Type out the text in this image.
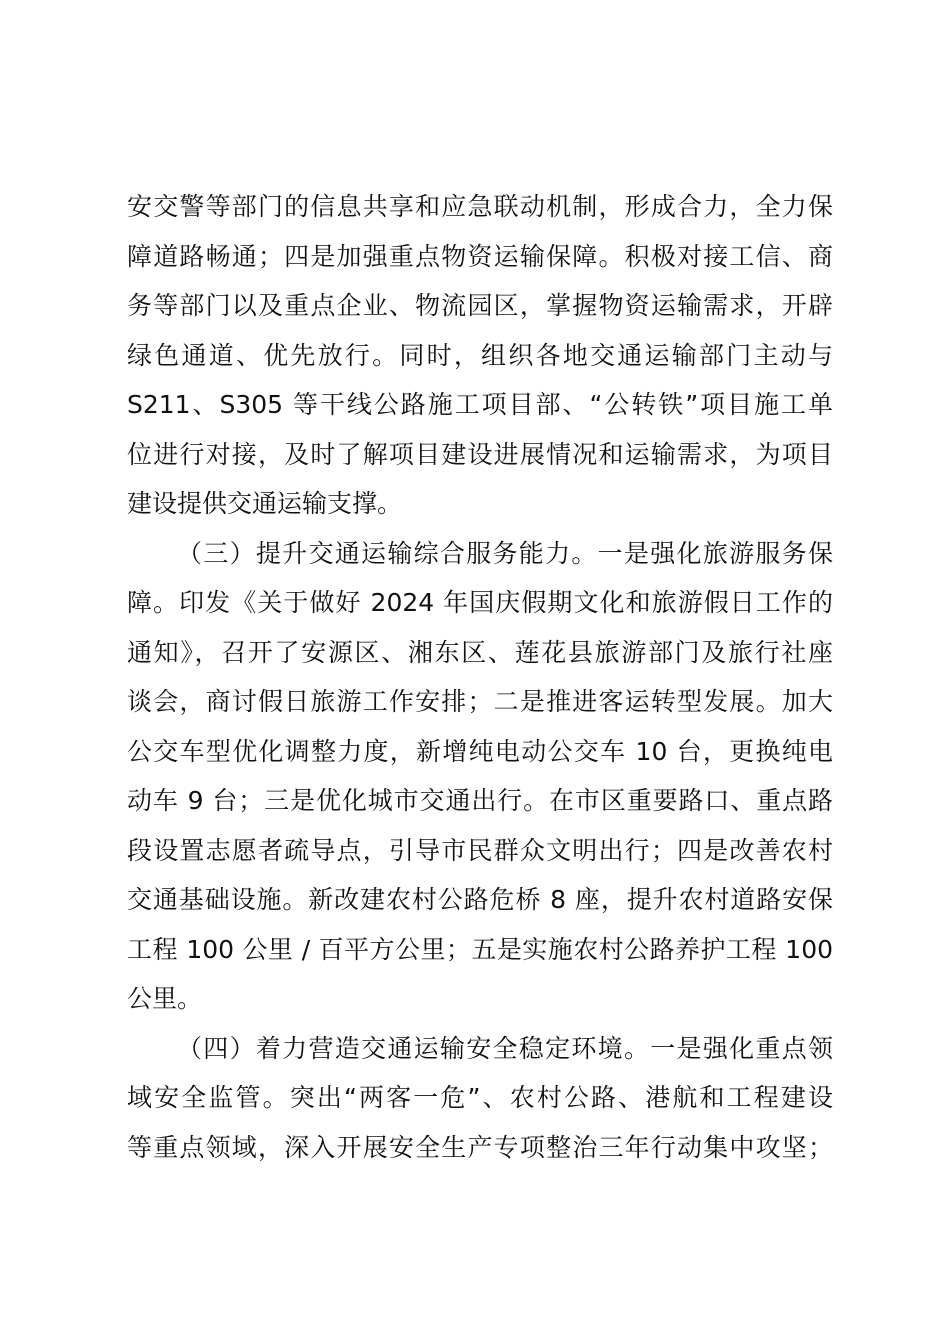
安交警等部门的信息共享和应急联动机制，形成合力，全力保
障道路畅通；四是加强重点物资运输保障。积极对接工信、商
务等部门以及重点企业、物流园区，掌握物资运输需求，开辟
绿色通道、优先放行。同时，组织各地交通运输部门主动与
S211、S305 等干线公路施工项目部、“公转铁”项目施工单
位进行对接，及时了解项目建设进展情况和运输需求，为项目
建设提供交通运输支撑。
（三）提升交通运输综合服务能力。一是强化旅游服务保
障。印发《关于做好 2024 年国庆假期文化和旅游假日工作的
通知》，召开了安源区、湘东区、莲花县旅游部门及旅行社座
谈会，商讨假日旅游工作安排；二是推进客运转型发展。加大
公交车型优化调整力度，新增纯电动公交车 10 台，更换纯电
动车 9 台；三是优化城市交通出行。在市区重要路口、重点路
段设置志愿者疏导点，引导市民群众文明出行；四是改善农村
交通基础设施。新改建农村公路危桥 8 座，提升农村道路安保
工程 100 公里 / 百平方公里；五是实施农村公路养护工程 100
公里。
（四）着力营造交通运输安全稳定环境。一是强化重点领
域安全监管。突出“两客一危”、农村公路、港航和工程建设
等重点领域，深入开展安全生产专项整治三年行动集中攻坚；
